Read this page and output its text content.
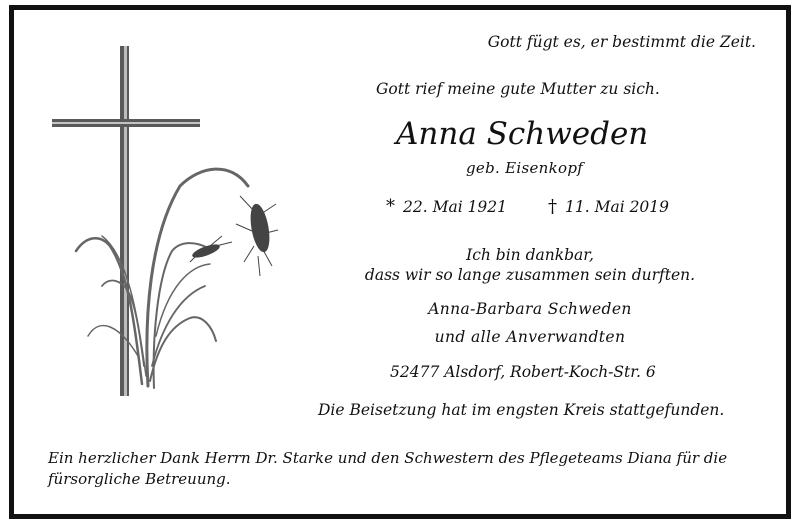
Gott fügt es, er bestimmt die Zeit.
Gott rief meine gute Mutter zu sich.
Anna Schweden
geb. Eisenkopf
* 22. Mai 1921 † 11. Mai 2019
Ich bin dankbar,
dass wir so lange zusammen sein durften.
Anna-Barbara Schweden
und alle Anverwandten
52477 Alsdorf, Robert-Koch-Str. 6
Die Beisetzung hat im engsten Kreis stattgefunden.
Ein herzlicher Dank Herrn Dr. Starke und den Schwestern des Pflegeteams Diana für die fürsorgliche Betreuung.
